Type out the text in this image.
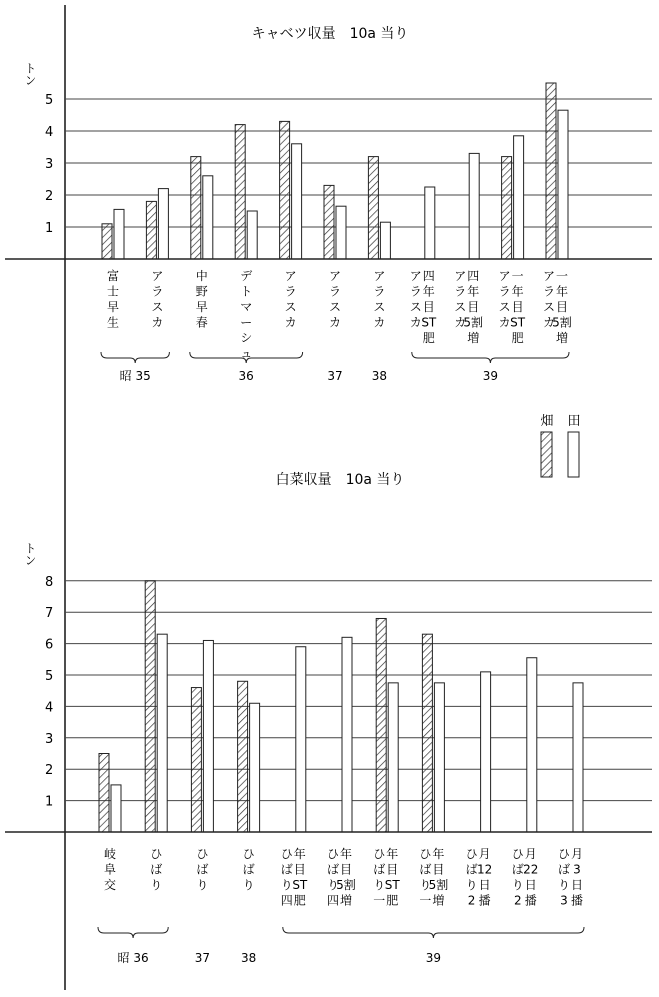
キャベツ収量　10a 当り
トン
1
2
3
4
5
富
士
早
生
ア
ラ
ス
カ
中
野
早
春
デ
ト
マ
ー
シ
ュ
ア
ラ
ス
カ
ア
ラ
ス
カ
ア
ラ
ス
カ
ア
ラ
ス
カ
四
年
目
ST
肥
ア
ラ
ス
カ
四
年
目
5割
増
ア
ラ
ス
カ
一
年
目
ST
肥
ア
ラ
ス
カ
一
年
目
5割
増
昭 35	36	37 38	39
畑 田
白菜収量　10a 当り
トン
1
2
3
4
5
6
7
8
岐
阜
交
ひ
ば
り
ひ
ば
り
ひ
ば
り
ひ
ば
り
四
年
目
ST
肥
ひ
ば
り
四
年
目
5割
増
ひ
ば
り
一
年
目
ST
肥
ひ
ば
り
一
年
目
5割
増
ひ
ば
り
2
月
12
日
播
ひ
ば
り
2
月
22
日
播
ひ
ば
り
3
月
3
日
播
昭 36	37	38	39
